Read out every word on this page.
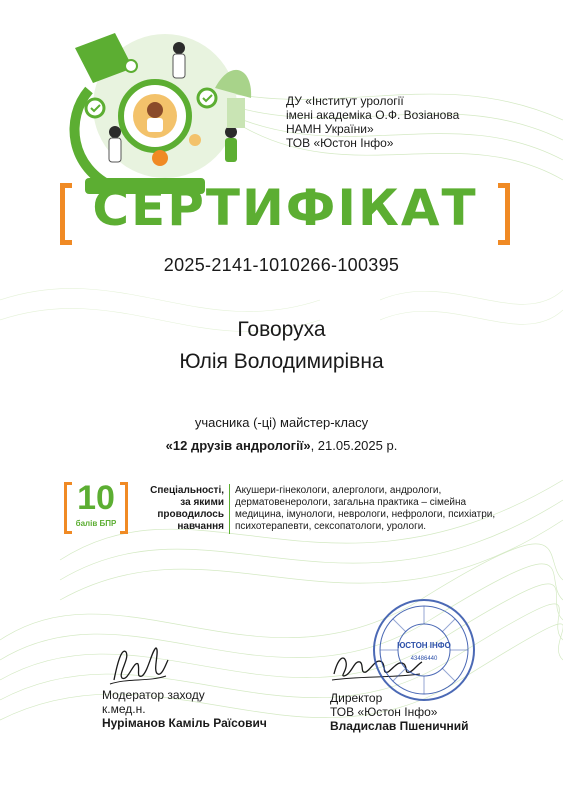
ДУ «Інститут урології
імені академіка О.Ф. Возіанова
НАМН України»
ТОВ «Юстон Інфо»
СЕРТИФІКАТ
2025-2141-1010266-100395
Говоруха
Юлія Володимирівна
учасника (-ці) майстер-класу
«12 друзів андрології», 21.05.2025 р.
10
балів БПР
Спеціальності,
за якими
проводилось
навчання
Акушери-гінекологи, алергологи, андрологи,
дерматовенерологи, загальна практика – сімейна
медицина, імунологи, неврологи, нефрологи, психіатри,
психотерапевти, сексопатологи, урологи.
ЮСТОН ІНФО
43486440
Модератор заходу
к.мед.н.
Нуріманов Каміль Раїсович
Директор
ТОВ «Юстон Інфо»
Владислав Пшеничний
